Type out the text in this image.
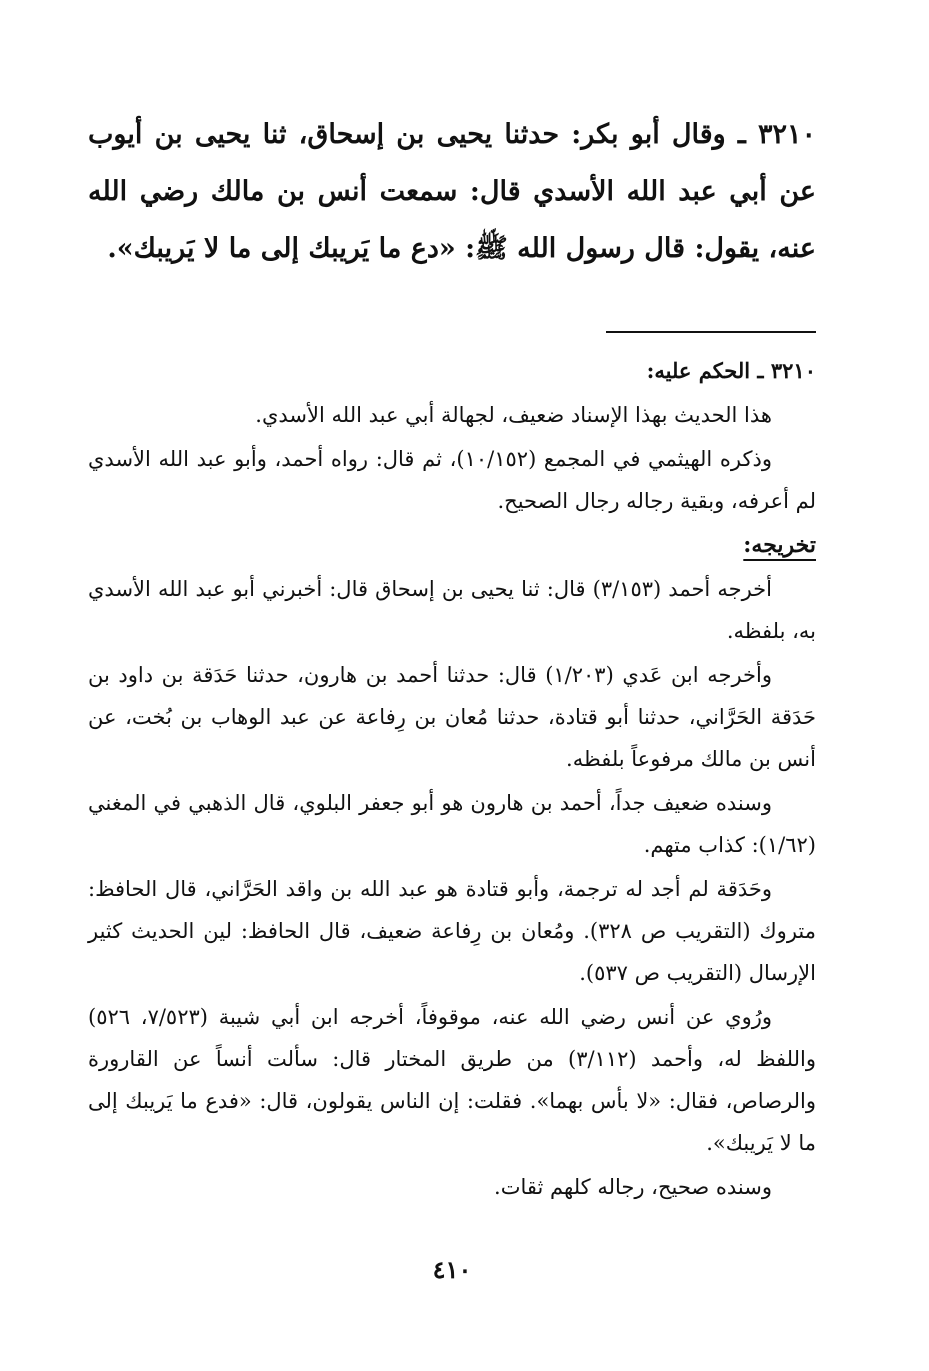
٣٢١٠ ـ وقال أبو بكر: حدثنا يحيى بن إسحاق، ثنا يحيى بن أيوب عن أبي عبد الله الأسدي قال: سمعت أنس بن مالك رضي الله عنه، يقول: قال رسول الله ﷺ: «دع ما يَريبك إلى ما لا يَريبك».

٣٢١٠ ـ الحكم عليه:

هذا الحديث بهذا الإسناد ضعيف، لجهالة أبي عبد الله الأسدي.

وذكره الهيثمي في المجمع (١٠/١٥٢)، ثم قال: رواه أحمد، وأبو عبد الله الأسدي لم أعرفه، وبقية رجاله رجال الصحيح.

تخريجه:

أخرجه أحمد (٣/١٥٣) قال: ثنا يحيى بن إسحاق قال: أخبرني أبو عبد الله الأسدي به، بلفظه.

وأخرجه ابن عَدي (١/٢٠٣) قال: حدثنا أحمد بن هارون، حدثنا حَدَقة بن داود بن حَدَقة الحَرَّاني، حدثنا أبو قتادة، حدثنا مُعان بن رِفاعة عن عبد الوهاب بن بُخت، عن أنس بن مالك مرفوعاً بلفظه.

وسنده ضعيف جداً، أحمد بن هارون هو أبو جعفر البلوي، قال الذهبي في المغني (١/٦٢): كذاب متهم.

وحَدَقة لم أجد له ترجمة، وأبو قتادة هو عبد الله بن واقد الحَرَّاني، قال الحافظ: متروك (التقريب ص ٣٢٨). ومُعان بن رِفاعة ضعيف، قال الحافظ: لين الحديث كثير الإرسال (التقريب ص ٥٣٧).

ورُوي عن أنس رضي الله عنه، موقوفاً، أخرجه ابن أبي شيبة (٧/٥٢٣، ٥٢٦) واللفظ له، وأحمد (٣/١١٢) من طريق المختار قال: سألت أنساً عن القارورة والرصاص، فقال: «لا بأس بهما». فقلت: إن الناس يقولون، قال: «فدع ما يَريبك إلى ما لا يَريبك».

وسنده صحيح، رجاله كلهم ثقات.

٤١٠
